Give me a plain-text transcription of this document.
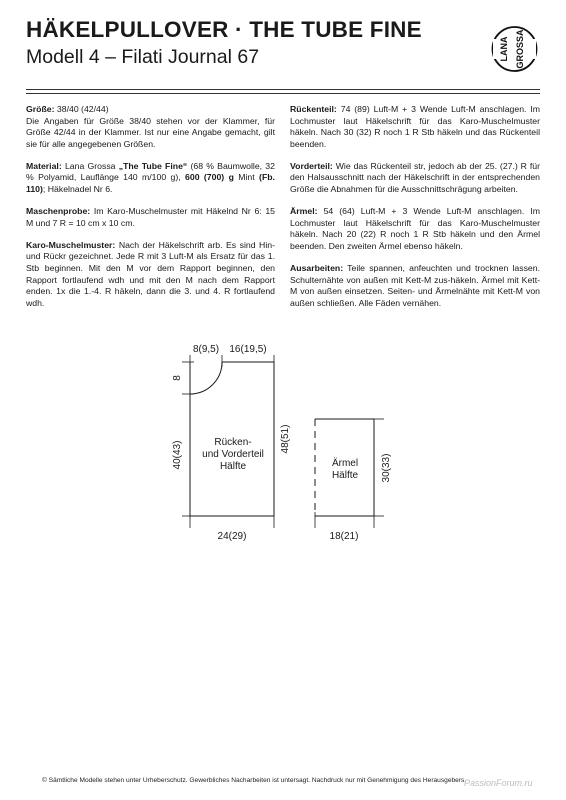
HÄKELPULLOVER · THE TUBE FINE
Modell 4 – Filati Journal 67	LANA GROSSA

Größe: 38/40 (42/44)
Die Angaben für Größe 38/40 stehen vor der Klammer, für Größe 42/44 in der Klammer. Ist nur eine Angabe gemacht, gilt sie für alle angegebenen Größen.

Material: Lana Grossa „The Tube Fine“ (68 % Baumwolle, 32 % Polyamid, Lauflänge 140 m/100 g), 600 (700) g Mint (Fb. 110); Häkelnadel Nr 6.

Maschenprobe: Im Karo-Muschelmuster mit Häkelnd Nr 6: 15 M und 7 R = 10 cm x 10 cm.

Karo-Muschelmuster: Nach der Häkelschrift arb. Es sind Hin- und Rückr gezeichnet. Jede R mit 3 Luft-M als Ersatz für das 1. Stb beginnen. Mit den M vor dem Rapport beginnen, den Rapport fortlaufend wdh und mit den M nach dem Rapport enden. 1x die 1.-4. R häkeln, dann die 3. und 4. R fortlaufend wdh.

Rückenteil: 74 (89) Luft-M + 3 Wende Luft-M anschlagen. Im Lochmuster laut Häkelschrift für das Karo-Muschelmuster häkeln. Nach 30 (32) R noch 1 R Stb häkeln und das Rückenteil beenden.

Vorderteil: Wie das Rückenteil str, jedoch ab der 25. (27.) R für den Halsausschnitt nach der Häkelschrift in der entsprechenden Größe die Abnahmen für die Ausschnittschrägung arbeiten.

Ärmel: 54 (64) Luft-M + 3 Wende Luft-M anschlagen. Im Lochmuster laut Häkelschrift für das Karo-Muschelmuster häkeln. Nach 20 (22) R noch 1 R Stb häkeln und den Ärmel beenden. Den zweiten Ärmel ebenso häkeln.

Ausarbeiten: Teile spannen, anfeuchten und trocknen lassen. Schulternähte von außen mit Kett-M zus-häkeln. Ärmel mit Kett-M von außen einsetzen. Seiten- und Ärmelnähte mit Kett-M von außen schließen. Alle Fäden vernähen.

8(9,5) 16(19,5)
8
40(43)
48(51)
24(29)
Rücken-
und Vorderteil
Hälfte	30(33)
18(21)
Ärmel
Hälfte
© Sämtliche Modelle stehen unter Urheberschutz. Gewerbliches Nacharbeiten ist untersagt. Nachdruck nur mit Genehmigung des Herausgebers.
PassionForum.ru
